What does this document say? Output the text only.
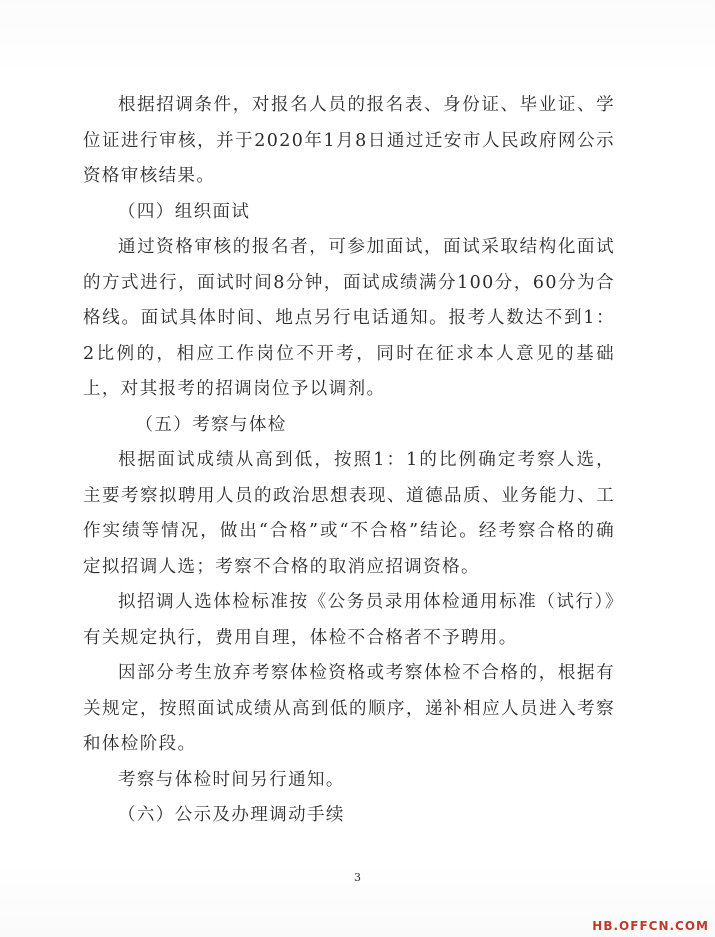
根据招调条件，对报名人员的报名表、身份证、毕业证、学位证进行审核，并于2020年1月8日通过迁安市人民政府网公示资格审核结果。

（四）组织面试

通过资格审核的报名者，可参加面试，面试采取结构化面试的方式进行，面试时间8分钟，面试成绩满分100分，60分为合格线。面试具体时间、地点另行电话通知。报考人数达不到1：2比例的，相应工作岗位不开考，同时在征求本人意见的基础上，对其报考的招调岗位予以调剂。

（五）考察与体检

根据面试成绩从高到低，按照1：1的比例确定考察人选，主要考察拟聘用人员的政治思想表现、道德品质、业务能力、工作实绩等情况，做出“合格”或“不合格”结论。经考察合格的确定拟招调人选；考察不合格的取消应招调资格。

拟招调人选体检标准按《公务员录用体检通用标准（试行）》有关规定执行，费用自理，体检不合格者不予聘用。

因部分考生放弃考察体检资格或考察体检不合格的，根据有关规定，按照面试成绩从高到低的顺序，递补相应人员进入考察和体检阶段。

考察与体检时间另行通知。

（六）公示及办理调动手续

3
HB.OFFCN.COM
